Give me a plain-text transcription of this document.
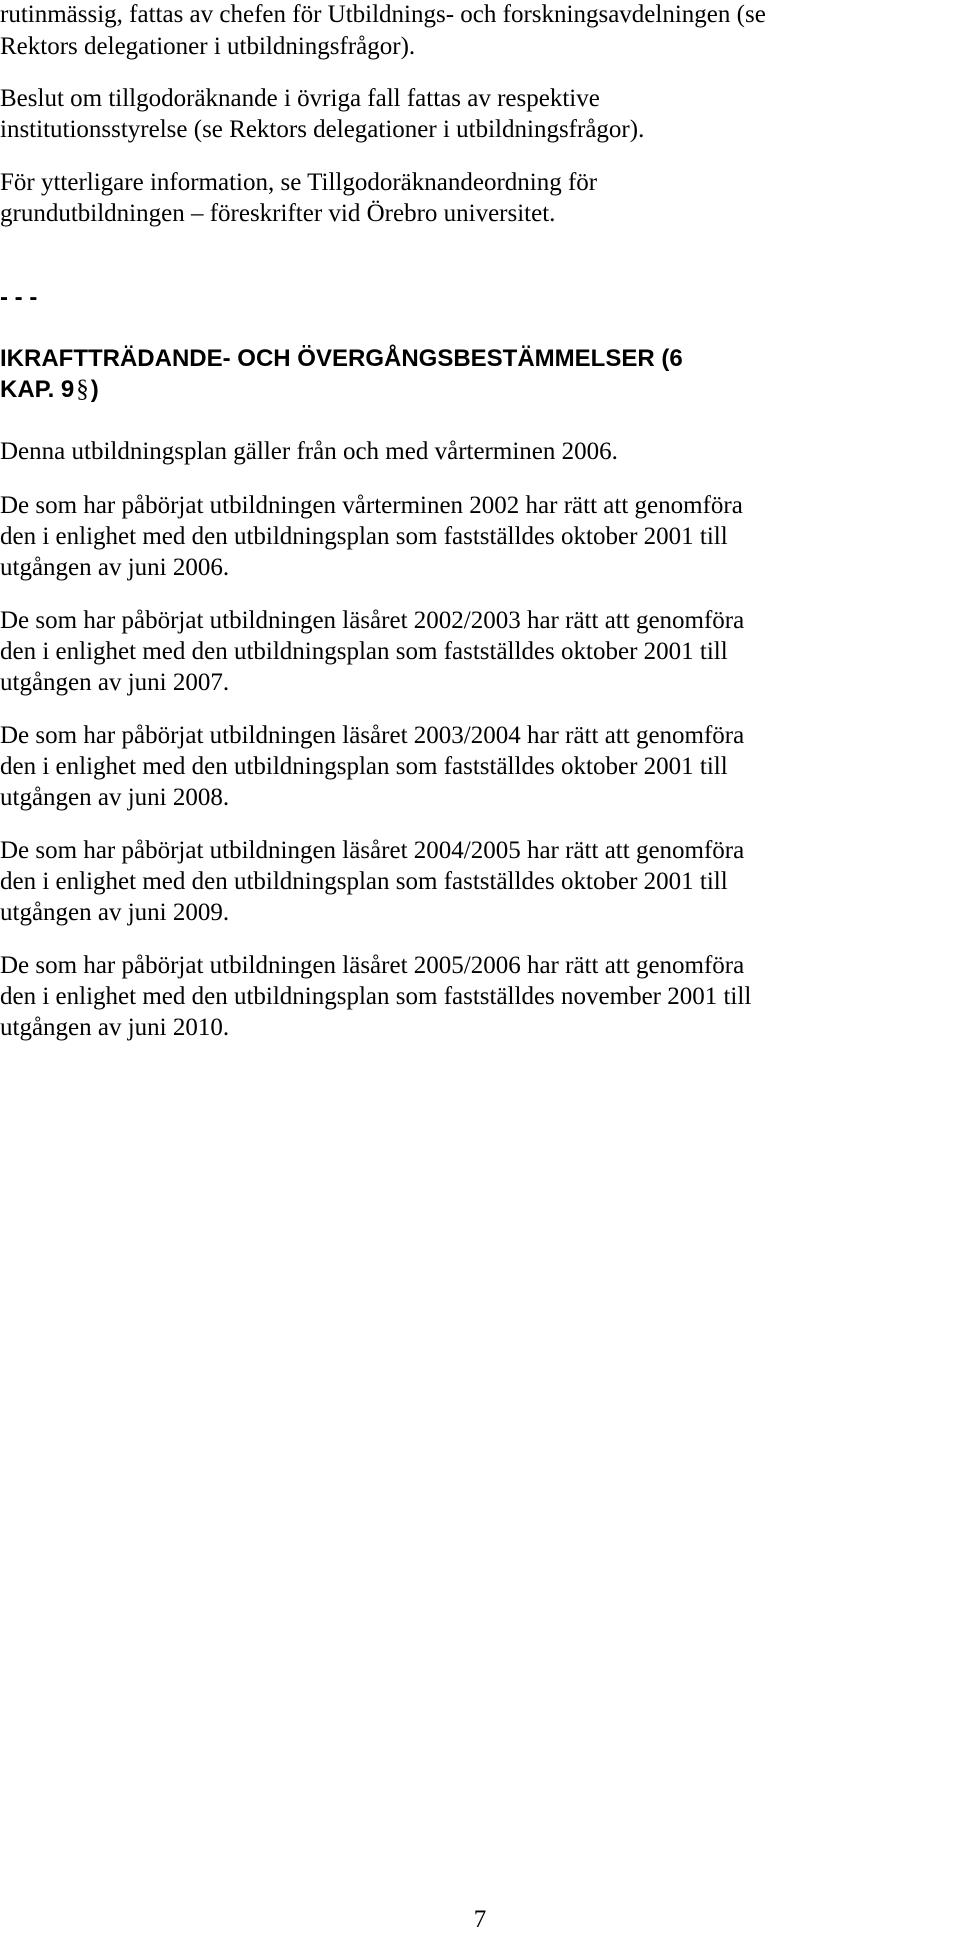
rutinmässig, fattas av chefen för Utbildnings- och forskningsavdelningen (se
Rektors delegationer i utbildningsfrågor).
Beslut om tillgodoräknande i övriga fall fattas av respektive
institutionsstyrelse (se Rektors delegationer i utbildningsfrågor).
För ytterligare information, se Tillgodoräknandeordning för
grundutbildningen – föreskrifter vid Örebro universitet.
- - -
IKRAFTTRÄDANDE- OCH ÖVERGÅNGSBESTÄMMELSER (6
KAP. 9§)
Denna utbildningsplan gäller från och med vårterminen 2006.
De som har påbörjat utbildningen vårterminen 2002 har rätt att genomföra
den i enlighet med den utbildningsplan som fastställdes oktober 2001 till
utgången av juni 2006.
De som har påbörjat utbildningen läsåret 2002/2003 har rätt att genomföra
den i enlighet med den utbildningsplan som fastställdes oktober 2001 till
utgången av juni 2007.
De som har påbörjat utbildningen läsåret 2003/2004 har rätt att genomföra
den i enlighet med den utbildningsplan som fastställdes oktober 2001 till
utgången av juni 2008.
De som har påbörjat utbildningen läsåret 2004/2005 har rätt att genomföra
den i enlighet med den utbildningsplan som fastställdes oktober 2001 till
utgången av juni 2009.
De som har påbörjat utbildningen läsåret 2005/2006 har rätt att genomföra
den i enlighet med den utbildningsplan som fastställdes november 2001 till
utgången av juni 2010.
7
